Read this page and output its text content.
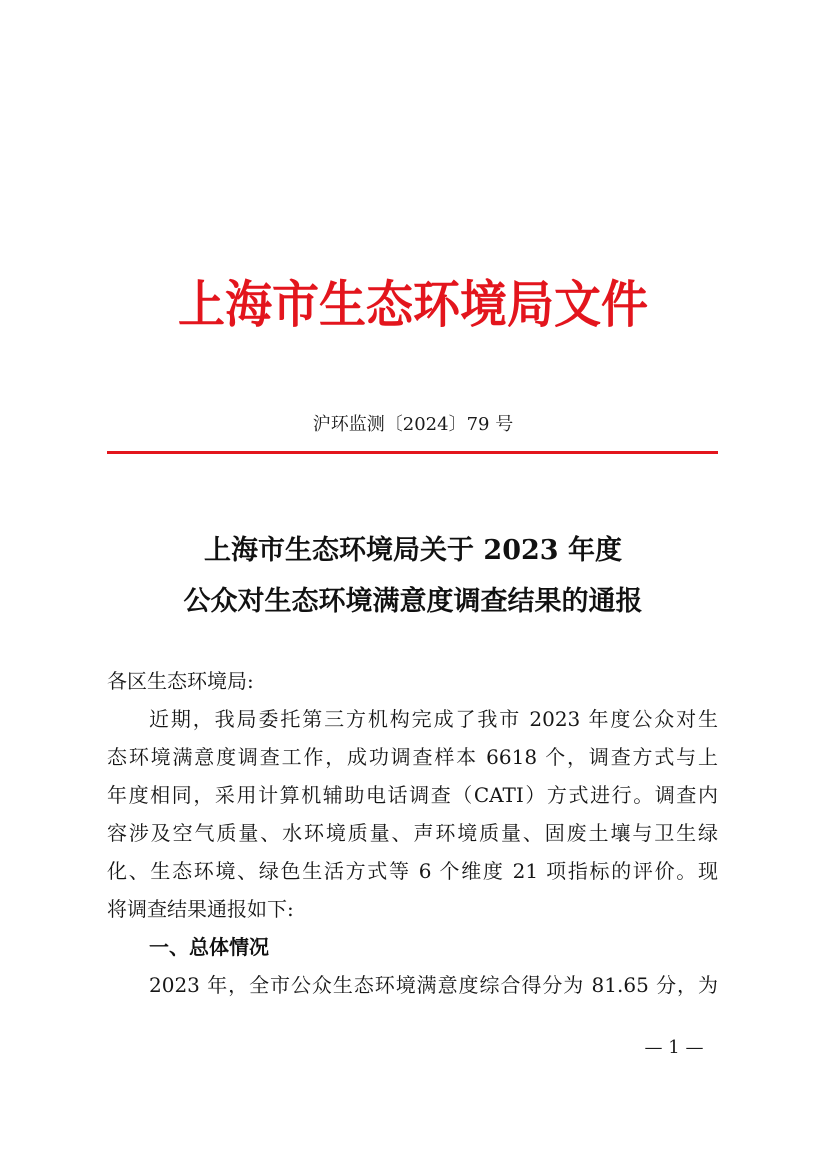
上海市生态环境局文件
沪环监测〔2024〕79 号
上海市生态环境局关于 2023 年度
公众对生态环境满意度调查结果的通报
各区生态环境局:
近期，我局委托第三方机构完成了我市 2023 年度公众对生
态环境满意度调查工作，成功调查样本 6618 个，调查方式与上
年度相同，采用计算机辅助电话调查（CATI）方式进行。调查内
容涉及空气质量、水环境质量、声环境质量、固废土壤与卫生绿
化、生态环境、绿色生活方式等 6 个维度 21 项指标的评价。现
将调查结果通报如下:
一、总体情况
2023 年，全市公众生态环境满意度综合得分为 81.65 分，为
— 1 —
